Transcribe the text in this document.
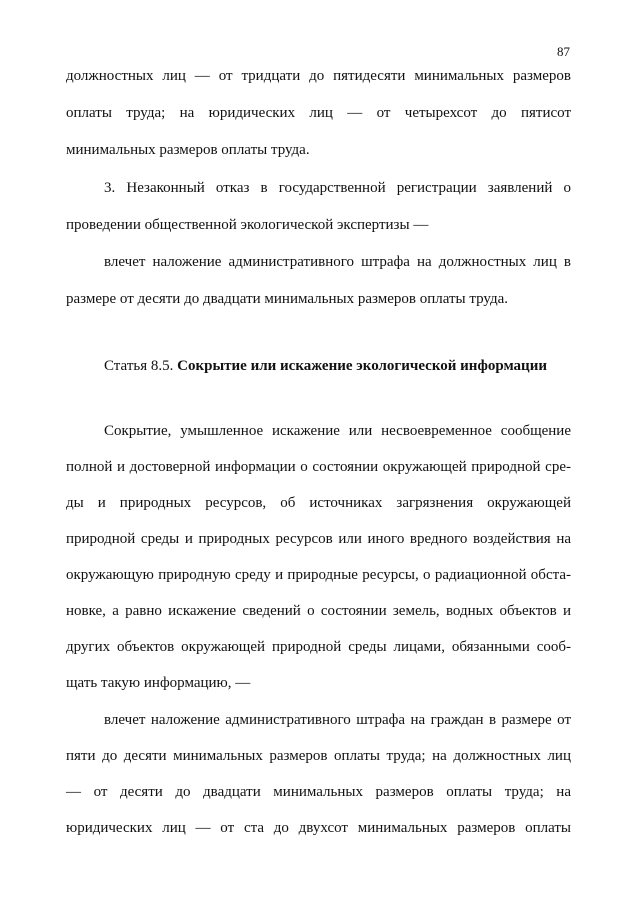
87
должностных лиц — от тридцати до пятидесяти минимальных размеров
оплаты труда; на юридических лиц — от четырехсот до пятисот
минимальных размеров оплаты труда.
3. Незаконный отказ в государственной регистрации заявлений о
проведении общественной экологической экспертизы —
влечет наложение административного штрафа на должностных лиц в
размере от десяти до двадцати минимальных размеров оплаты труда.
Статья 8.5. Сокрытие или искажение экологической информации
Сокрытие, умышленное искажение или несвоевременное сообщение
полной и достоверной информации о состоянии окружающей природной сре-
ды и природных ресурсов, об источниках загрязнения окружающей
природной среды и природных ресурсов или иного вредного воздействия на
окружающую природную среду и природные ресурсы, о радиационной обста-
новке, а равно искажение сведений о состоянии земель, водных объектов и
других объектов окружающей природной среды лицами, обязанными сооб-
щать такую информацию, —
влечет наложение административного штрафа на граждан в размере от
пяти до десяти минимальных размеров оплаты труда; на должностных лиц
— от десяти до двадцати минимальных размеров оплаты труда; на
юридических лиц — от ста до двухсот минимальных размеров оплаты
